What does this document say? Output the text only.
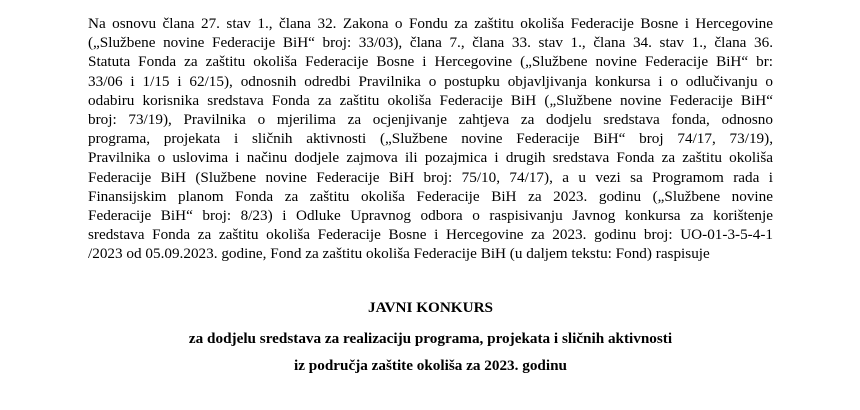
Na osnovu člana 27. stav 1., člana 32. Zakona o Fondu za zaštitu okoliša Federacije Bosne i Hercegovine
(„Službene novine Federacije BiH“ broj: 33/03), člana 7., člana 33. stav 1., člana 34. stav 1., člana 36.
Statuta Fonda za zaštitu okoliša Federacije Bosne i Hercegovine („Službene novine Federacije BiH“ br:
33/06 i 1/15 i 62/15), odnosnih odredbi Pravilnika o postupku objavljivanja konkursa i o odlučivanju o
odabiru korisnika sredstava Fonda za zaštitu okoliša Federacije BiH („Službene novine Federacije BiH“
broj: 73/19), Pravilnika o mjerilima za ocjenjivanje zahtjeva za dodjelu sredstava fonda, odnosno
programa, projekata i sličnih aktivnosti („Službene novine Federacije BiH“ broj 74/17, 73/19),
Pravilnika o uslovima i načinu dodjele zajmova ili pozajmica i drugih sredstava Fonda za zaštitu okoliša
Federacije BiH (Službene novine Federacije BiH broj: 75/10, 74/17), a u vezi sa Programom rada i
Finansijskim planom Fonda za zaštitu okoliša Federacije BiH za 2023. godinu („Službene novine
Federacije BiH“ broj: 8/23) i Odluke Upravnog odbora o raspisivanju Javnog konkursa za korištenje
sredstava Fonda za zaštitu okoliša Federacije Bosne i Hercegovine za 2023. godinu broj: UO-01-3-5-4-1
/2023 od 05.09.2023. godine, Fond za zaštitu okoliša Federacije BiH (u daljem tekstu: Fond) raspisuje
JAVNI KONKURS
za dodjelu sredstava za realizaciju programa, projekata i sličnih aktivnosti
iz područja zaštite okoliša za 2023. godinu
